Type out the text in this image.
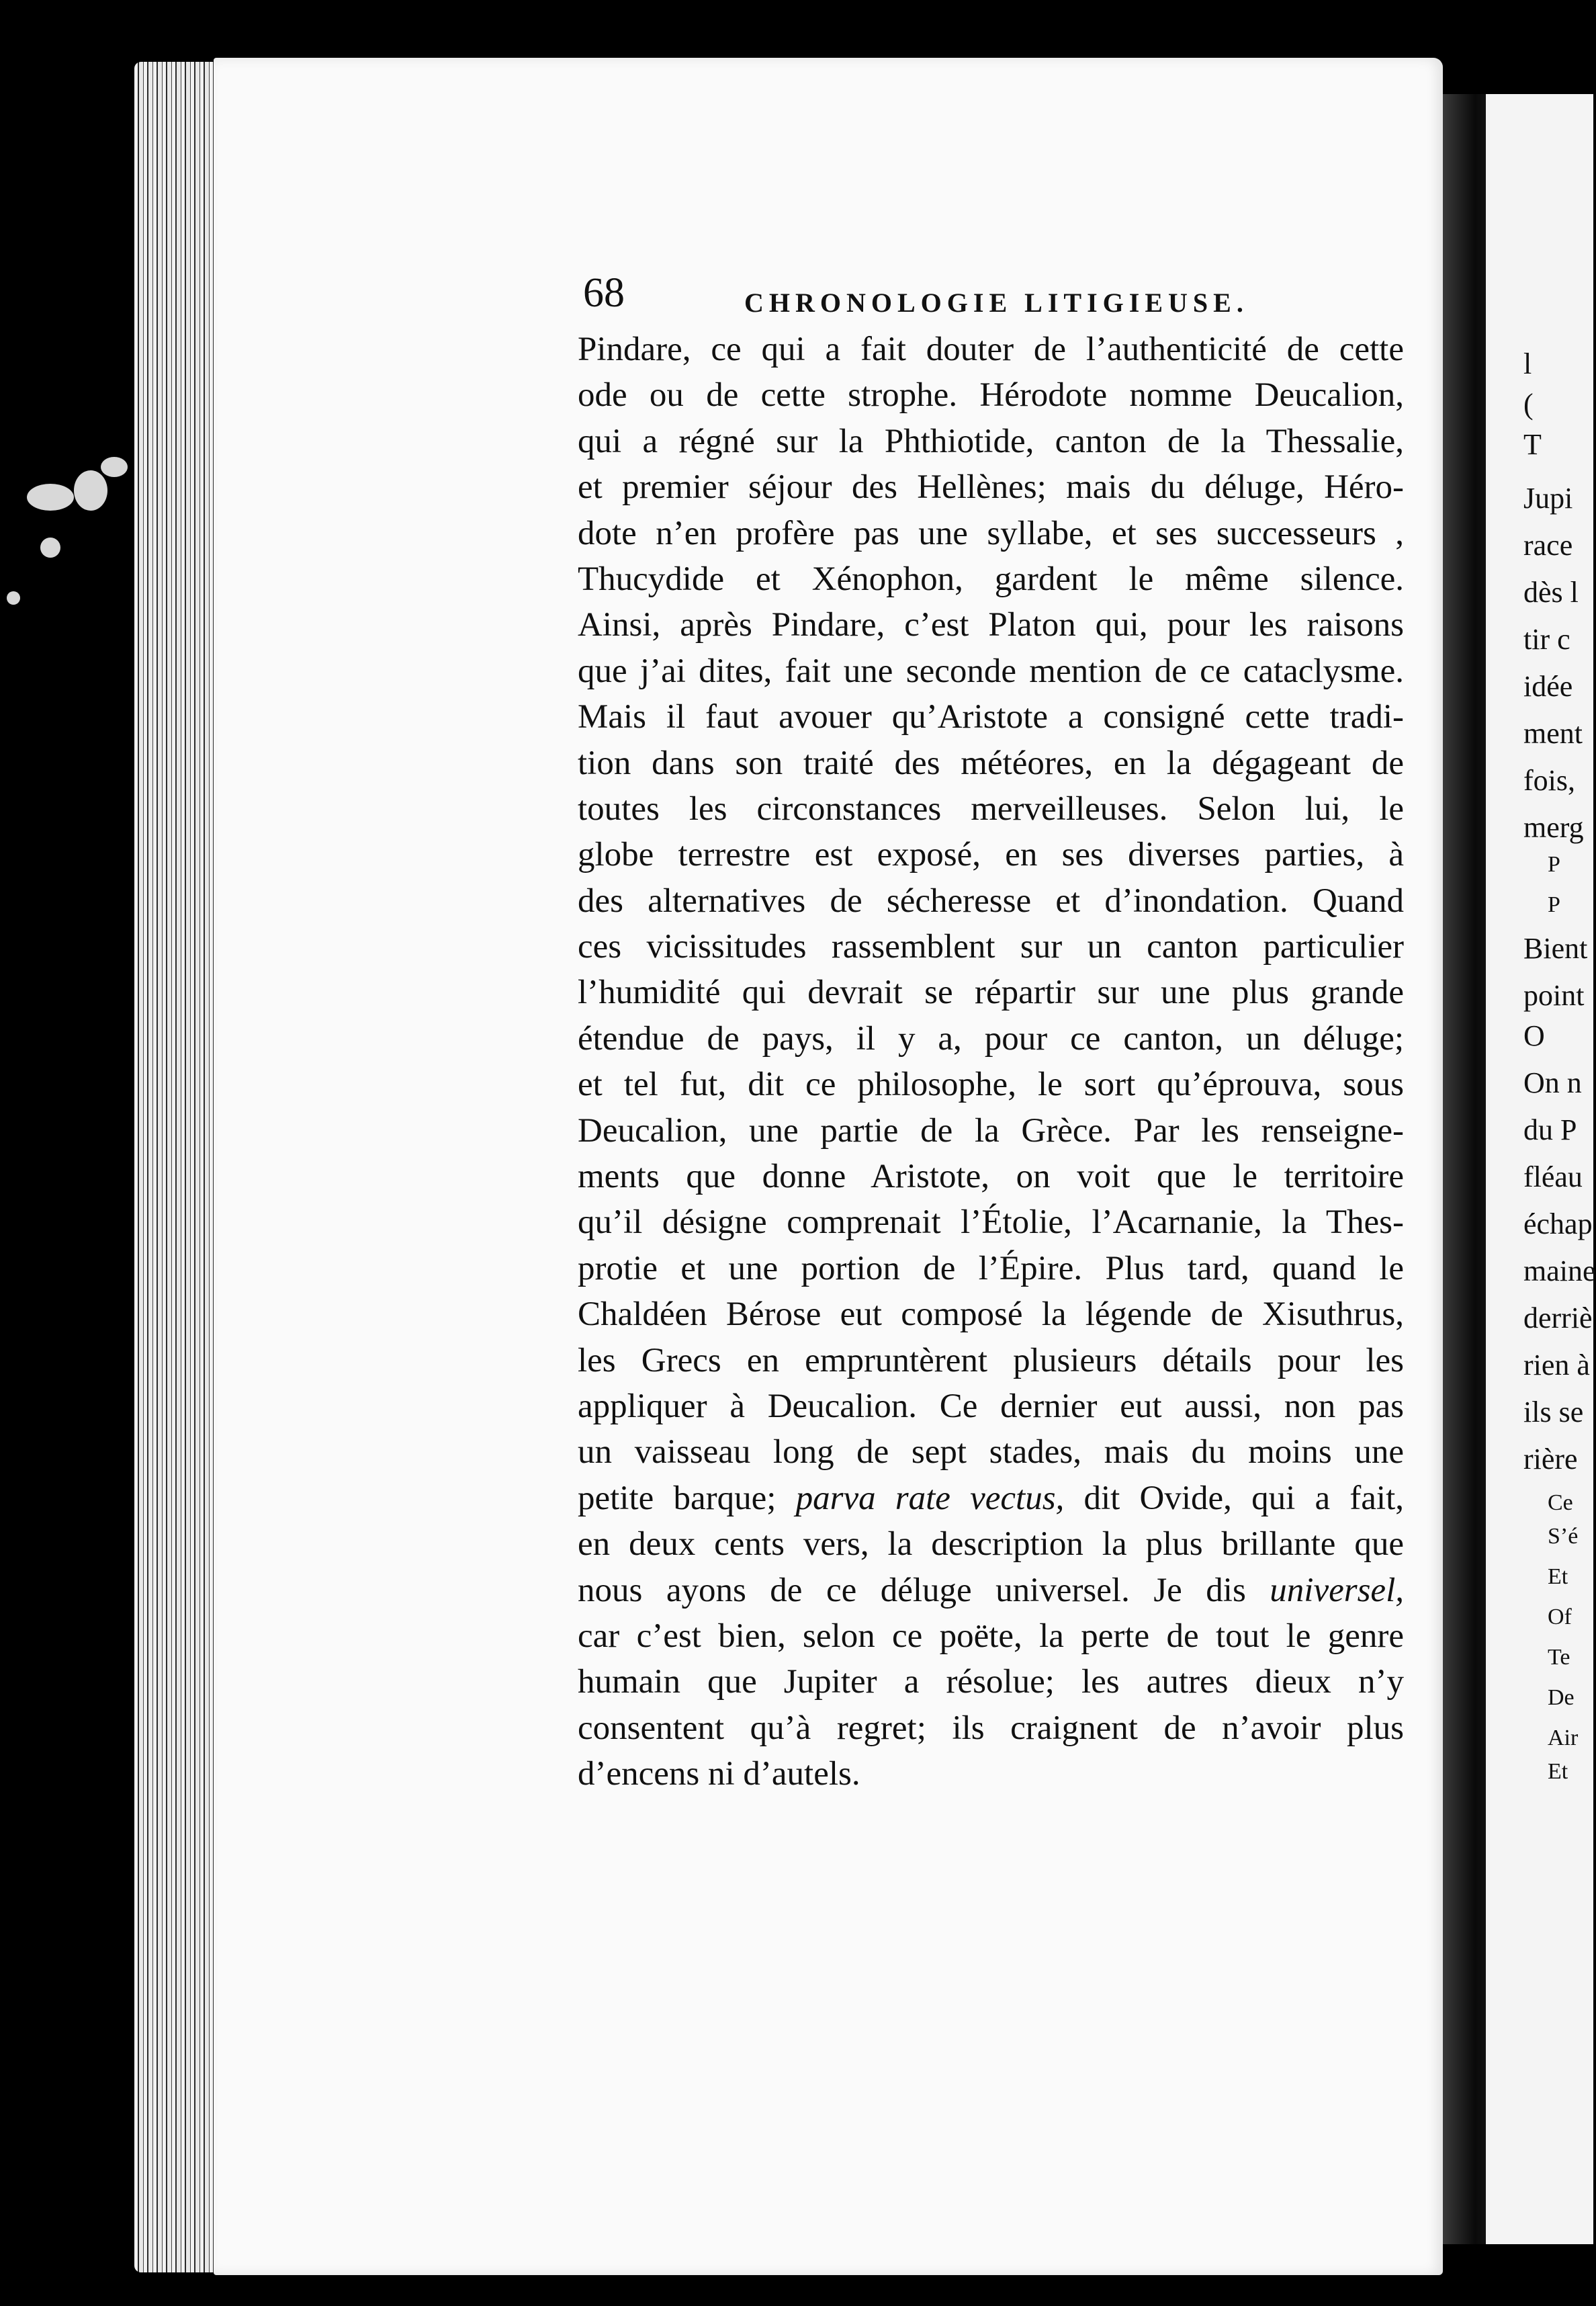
l

(

T

Jupi

race

dès l

tir c

idée

ment

fois,

merg

P

P

Bient

point

O

On n

du P

fléau

échap

maine

derriè

rien à

ils se

rière

Ce

S’é

Et

Of

Te

De

Air

Et

68	CHRONOLOGIE LITIGIEUSE.

Pindare, ce qui a fait douter de l’authenticité de cette
ode ou de cette strophe. Hérodote nomme Deucalion,
qui a régné sur la Phthiotide, canton de la Thessalie,
et premier séjour des Hellènes; mais du déluge, Héro-
dote n’en profère pas une syllabe, et ses successeurs ,
Thucydide et Xénophon, gardent le même silence.
Ainsi, après Pindare, c’est Platon qui, pour les raisons
que j’ai dites, fait une seconde mention de ce cataclysme.
Mais il faut avouer qu’Aristote a consigné cette tradi-
tion dans son traité des météores, en la dégageant de
toutes les circonstances merveilleuses. Selon lui, le
globe terrestre est exposé, en ses diverses parties, à
des alternatives de sécheresse et d’inondation. Quand
ces vicissitudes rassemblent sur un canton particulier
l’humidité qui devrait se répartir sur une plus grande
étendue de pays, il y a, pour ce canton, un déluge;
et tel fut, dit ce philosophe, le sort qu’éprouva, sous
Deucalion, une partie de la Grèce. Par les renseigne-
ments que donne Aristote, on voit que le territoire
qu’il désigne comprenait l’Étolie, l’Acarnanie, la Thes-
protie et une portion de l’Épire. Plus tard, quand le
Chaldéen Bérose eut composé la légende de Xisuthrus,
les Grecs en empruntèrent plusieurs détails pour les
appliquer à Deucalion. Ce dernier eut aussi, non pas
un vaisseau long de sept stades, mais du moins une
petite barque; parva rate vectus, dit Ovide, qui a fait,
en deux cents vers, la description la plus brillante que
nous ayons de ce déluge universel. Je dis universel,
car c’est bien, selon ce poëte, la perte de tout le genre
humain que Jupiter a résolue; les autres dieux n’y
consentent qu’à regret; ils craignent de n’avoir plus
d’encens ni d’autels.
